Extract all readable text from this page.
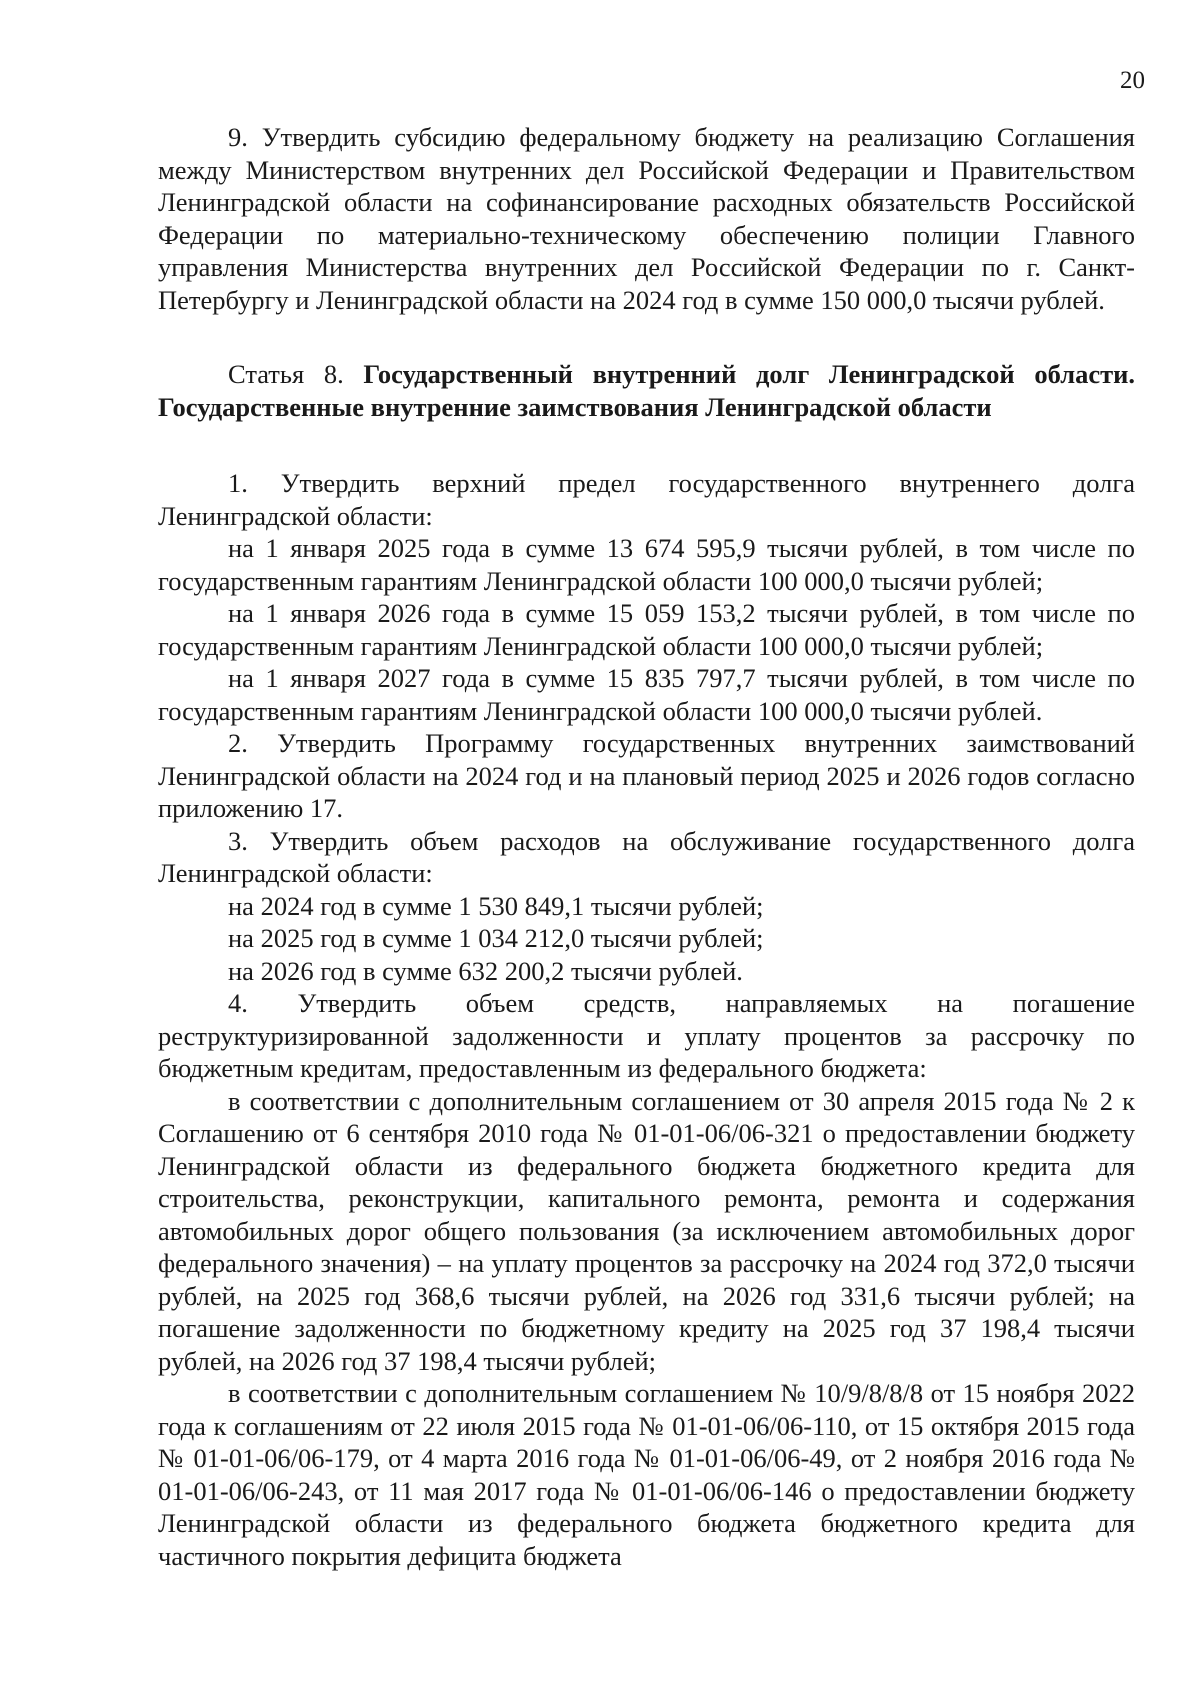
20

9. Утвердить субсидию федеральному бюджету на реализацию Соглашения между Министерством внутренних дел Российской Федерации и Правительством Ленинградской области на софинансирование расходных обязательств Российской Федерации по материально-техническому обеспечению полиции Главного управления Министерства внутренних дел Российской Федерации по г. Санкт-Петербургу и Ленинградской области на 2024 год в сумме 150 000,0 тысячи рублей.

Статья 8. Государственный внутренний долг Ленинградской области. Государственные внутренние заимствования Ленинградской области

1. Утвердить верхний предел государственного внутреннего долга Ленинградской области:

на 1 января 2025 года в сумме 13 674 595,9 тысячи рублей, в том числе по государственным гарантиям Ленинградской области 100 000,0 тысячи рублей;

на 1 января 2026 года в сумме 15 059 153,2 тысячи рублей, в том числе по государственным гарантиям Ленинградской области 100 000,0 тысячи рублей;

на 1 января 2027 года в сумме 15 835 797,7 тысячи рублей, в том числе по государственным гарантиям Ленинградской области 100 000,0 тысячи рублей.

2. Утвердить Программу государственных внутренних заимствований Ленинградской области на 2024 год и на плановый период 2025 и 2026 годов согласно приложению 17.

3. Утвердить объем расходов на обслуживание государственного долга Ленинградской области:

на 2024 год в сумме 1 530 849,1 тысячи рублей;

на 2025 год в сумме 1 034 212,0 тысячи рублей;

на 2026 год в сумме 632 200,2 тысячи рублей.

4. Утвердить объем средств, направляемых на погашение реструктуризированной задолженности и уплату процентов за рассрочку по бюджетным кредитам, предоставленным из федерального бюджета:

в соответствии с дополнительным соглашением от 30 апреля 2015 года № 2 к Соглашению от 6 сентября 2010 года № 01-01-06/06-321 о предоставлении бюджету Ленинградской области из федерального бюджета бюджетного кредита для строительства, реконструкции, капитального ремонта, ремонта и содержания автомобильных дорог общего пользования (за исключением автомобильных дорог федерального значения) – на уплату процентов за рассрочку на 2024 год 372,0 тысячи рублей, на 2025 год 368,6 тысячи рублей, на 2026 год 331,6 тысячи рублей; на погашение задолженности по бюджетному кредиту на 2025 год 37 198,4 тысячи рублей, на 2026 год 37 198,4 тысячи рублей;

в соответствии с дополнительным соглашением № 10/9/8/8/8 от 15 ноября 2022 года к соглашениям от 22 июля 2015 года № 01-01-06/06-110, от 15 октября 2015 года № 01-01-06/06-179, от 4 марта 2016 года № 01-01-06/06-49, от 2 ноября 2016 года № 01-01-06/06-243, от 11 мая 2017 года № 01-01-06/06-146 о предоставлении бюджету Ленинградской области из федерального бюджета бюджетного кредита для частичного покрытия дефицита бюджета
